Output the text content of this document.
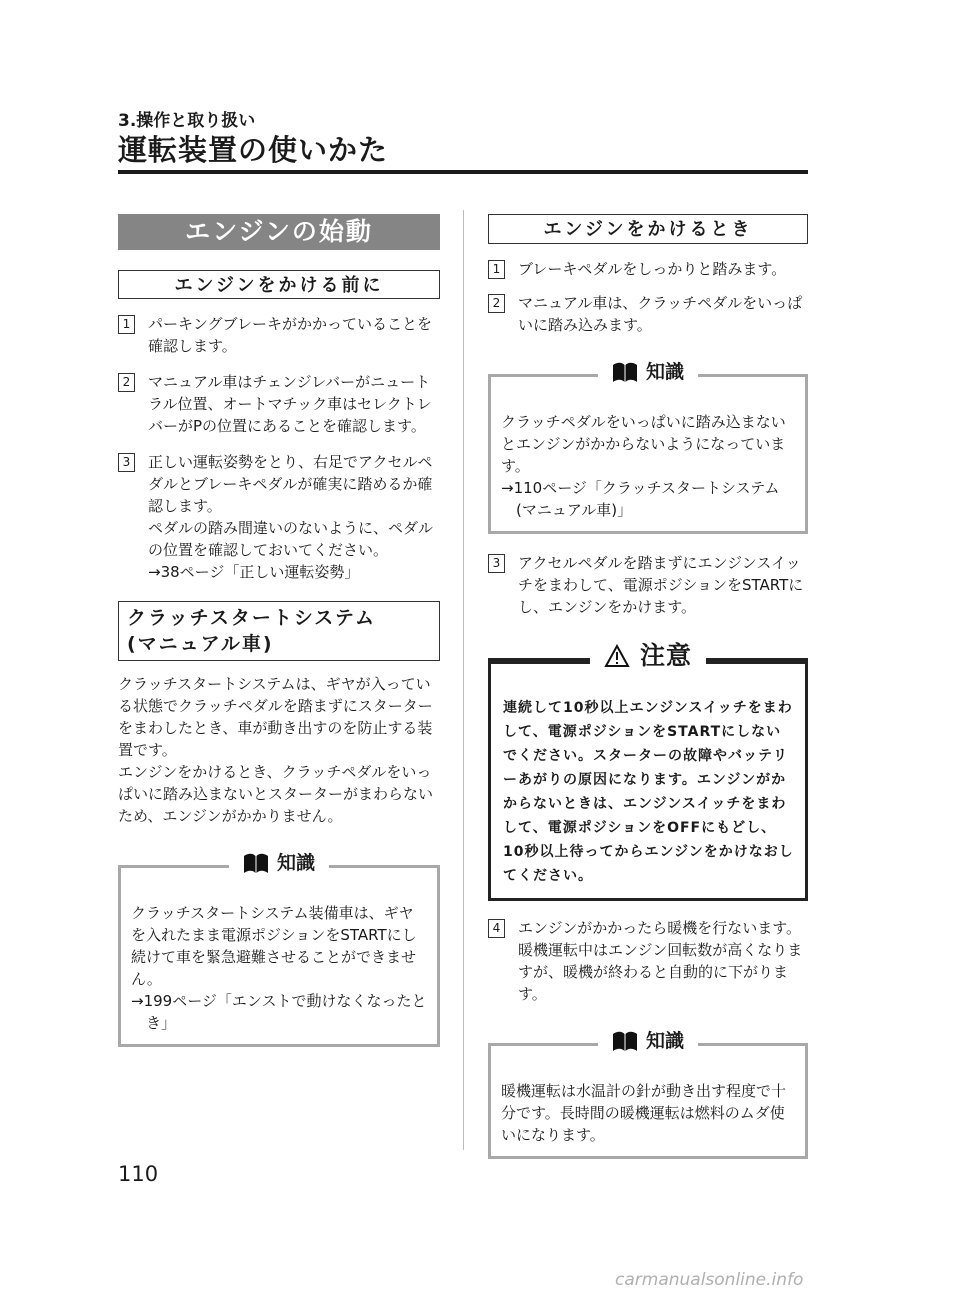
3.操作と取り扱い
運転装置の使いかた
エンジンの始動
エンジンをかける前に
1	パーキングブレーキがかかっていることを確認します。
2	マニュアル車はチェンジレバーがニュートラル位置、オートマチック車はセレクトレバーがPの位置にあることを確認します。
3	正しい運転姿勢をとり、右足でアクセルペダルとブレーキペダルが確実に踏めるか確認します。
ペダルの踏み間違いのないように、ペダルの位置を確認しておいてください。
→38ページ「正しい運転姿勢」
クラッチスタートシステム
(マニュアル車)
クラッチスタートシステムは、ギヤが入っている状態でクラッチペダルを踏まずにスターターをまわしたとき、車が動き出すのを防止する装置です。
エンジンをかけるとき、クラッチペダルをいっぱいに踏み込まないとスターターがまわらないため、エンジンがかかりません。
知識
クラッチスタートシステム装備車は、ギヤを入れたまま電源ポジションをSTARTにし続けて車を緊急避難させることができません。
→199ページ「エンストで動けなくなったとき」
エンジンをかけるとき
1	ブレーキペダルをしっかりと踏みます。
2	マニュアル車は、クラッチペダルをいっぱいに踏み込みます。
知識
クラッチペダルをいっぱいに踏み込まないとエンジンがかからないようになっています。
→110ページ「クラッチスタートシステム(マニュアル車)」
3	アクセルペダルを踏まずにエンジンスイッチをまわして、電源ポジションをSTARTにし、エンジンをかけます。
注意
連続して10秒以上エンジンスイッチをまわして、電源ポジションをSTARTにしないでください。スターターの故障やバッテリーあがりの原因になります。エンジンがかからないときは、エンジンスイッチをまわして、電源ポジションをOFFにもどし、10秒以上待ってからエンジンをかけなおしてください。
4	エンジンがかかったら暖機を行ないます。暖機運転中はエンジン回転数が高くなりますが、暖機が終わると自動的に下がります。
知識
暖機運転は水温計の針が動き出す程度で十分です。長時間の暖機運転は燃料のムダ使いになります。
110
carmanualsonline.info
